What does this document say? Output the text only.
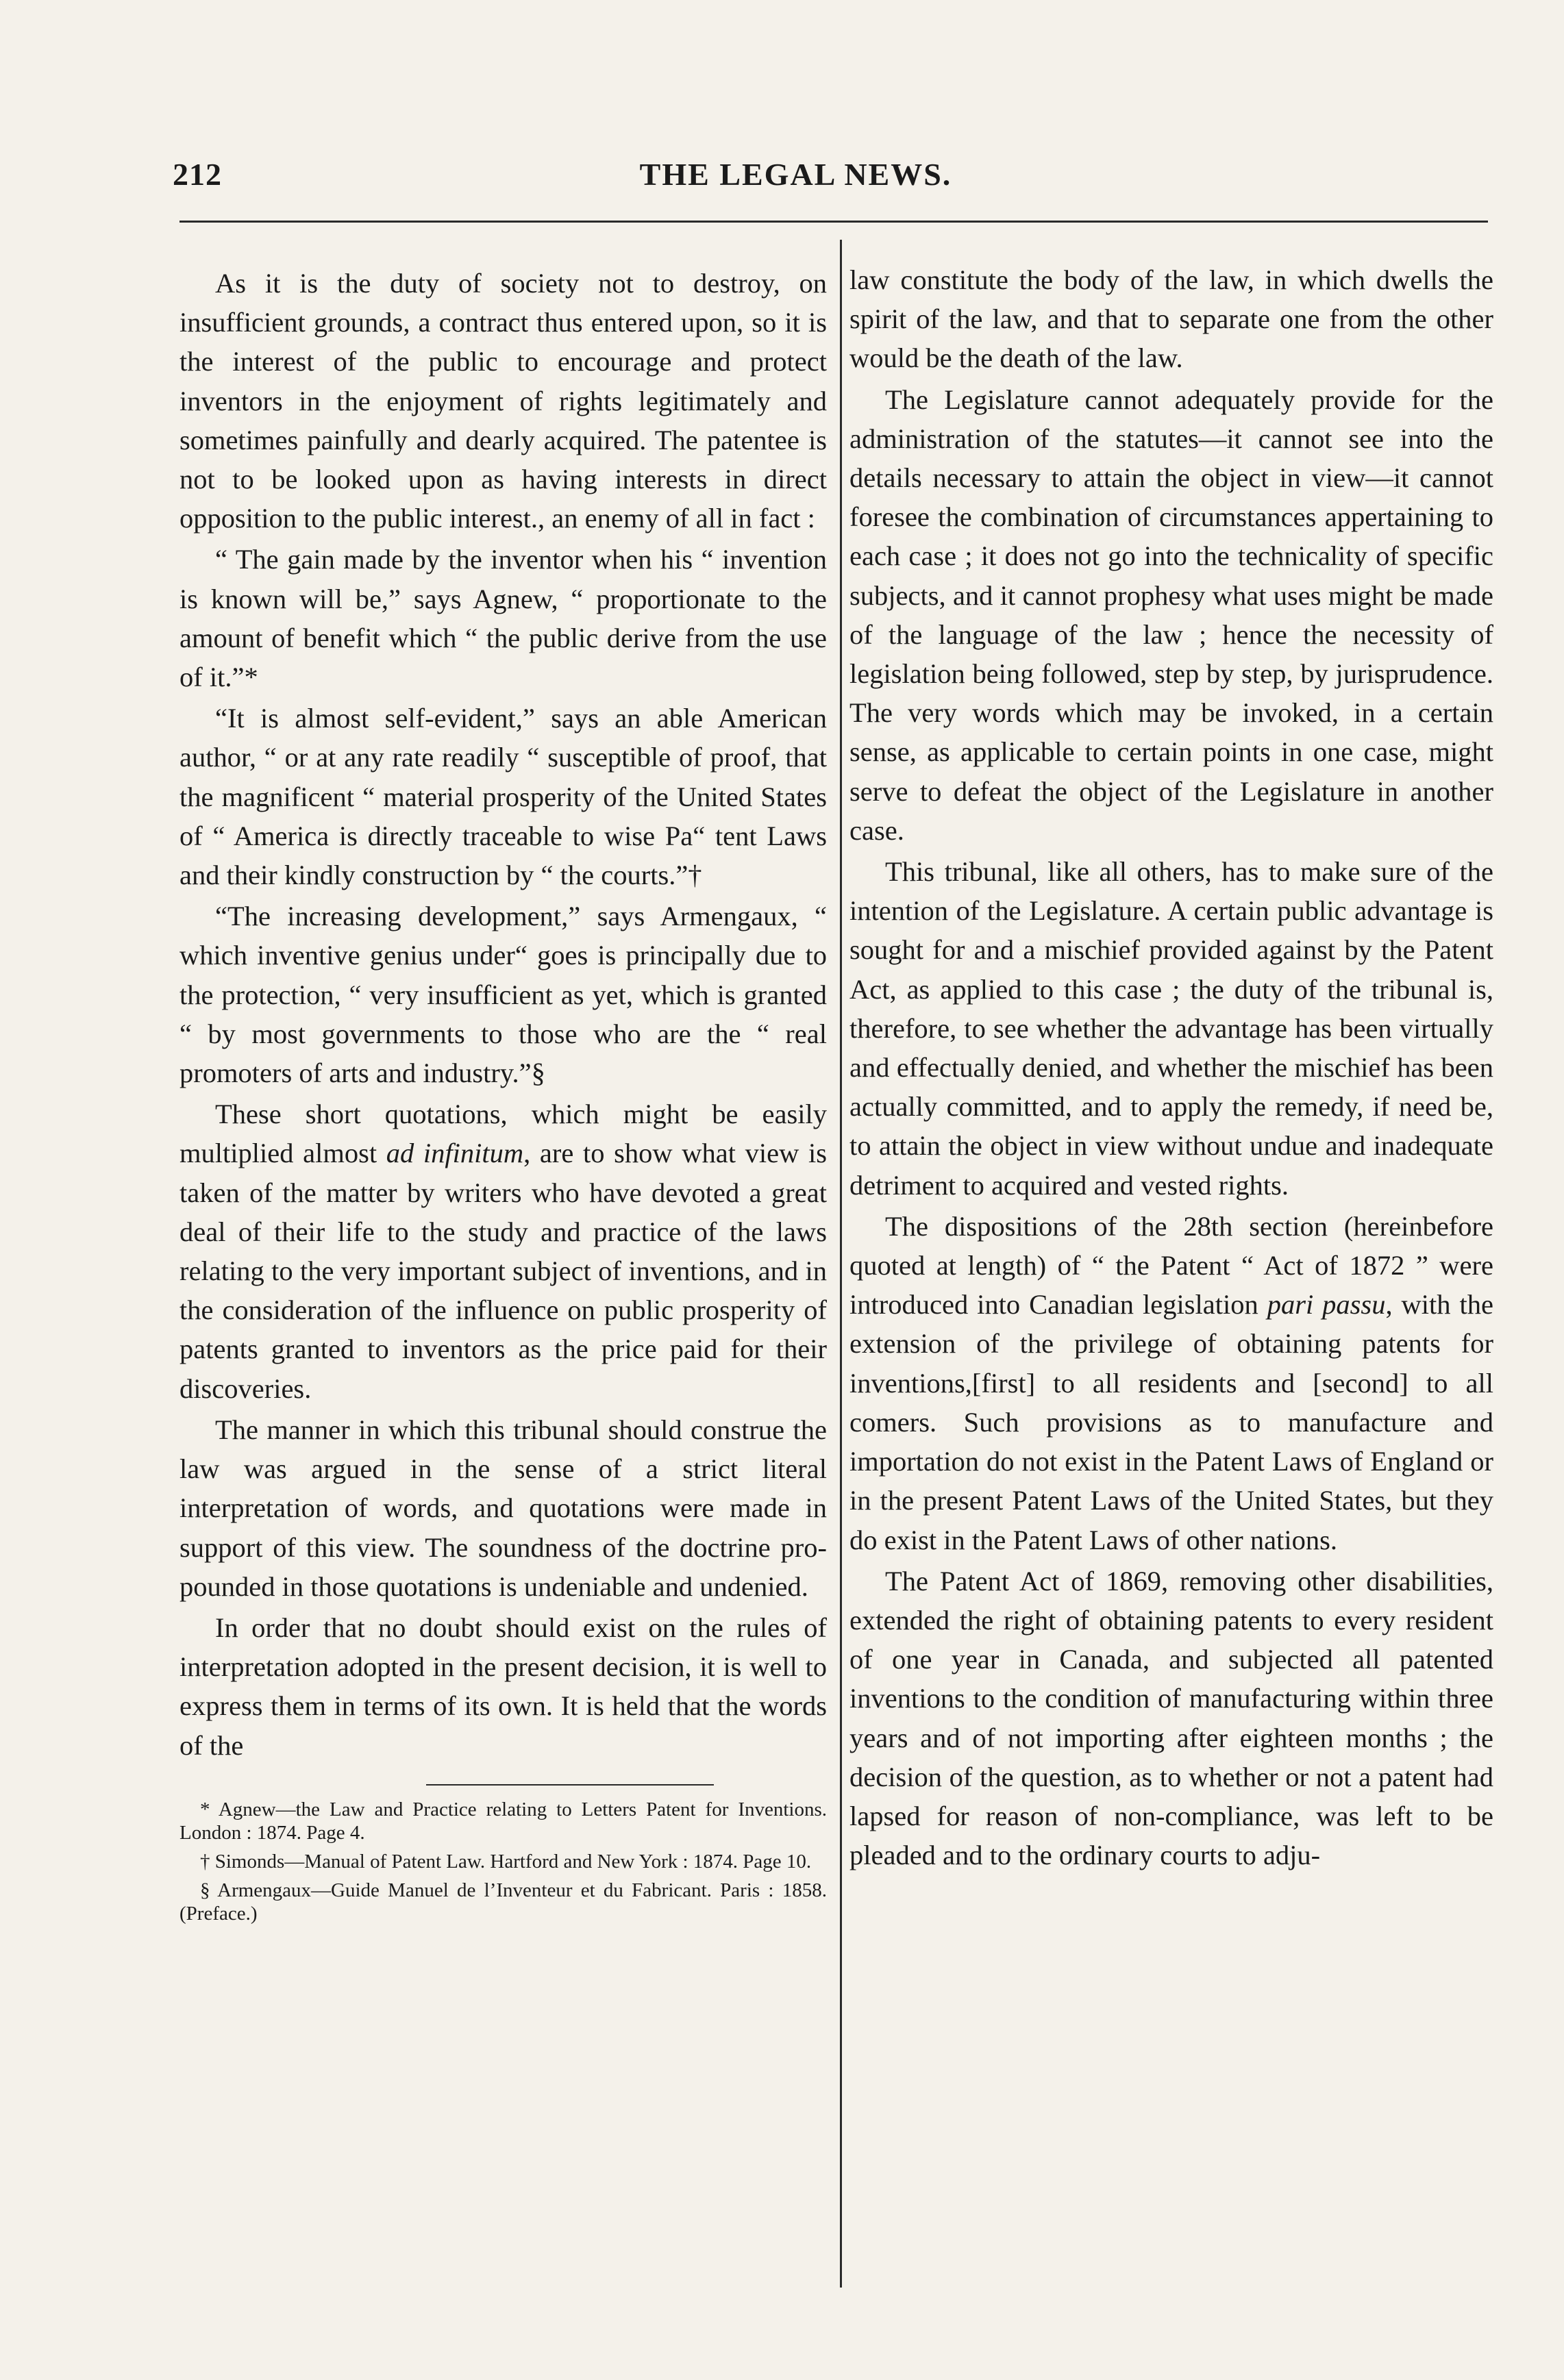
212	THE LEGAL NEWS.

As it is the duty of society not to destroy, on insufficient grounds, a contract thus entered upon, so it is the interest of the public to encourage and protect inventors in the enjoyment of rights legitimately and sometimes painfully and dearly acquired. The patentee is not to be looked upon as having interests in direct opposition to the public interest., an enemy of all in fact :

“ The gain made by the inventor when his “ invention is known will be,” says Agnew, “ proportionate to the amount of benefit which “ the public derive from the use of it.”*

“It is almost self-evident,” says an able American author, “ or at any rate readily “ susceptible of proof, that the magnificent “ material prosperity of the United States of “ America is directly traceable to wise Pa“ tent Laws and their kindly construction by “ the courts.”†

“The increasing development,” says Armengaux, “ which inventive genius under“ goes is principally due to the protection, “ very insufficient as yet, which is granted “ by most governments to those who are the “ real promoters of arts and industry.”§

These short quotations, which might be easily multiplied almost ad infinitum, are to show what view is taken of the matter by writers who have devoted a great deal of their life to the study and practice of the laws relating to the very important subject of inventions, and in the consideration of the influence on public prosperity of patents granted to inventors as the price paid for their discoveries.

The manner in which this tribunal should construe the law was argued in the sense of a strict literal interpretation of words, and quotations were made in support of this view. The soundness of the doctrine propounded in those quotations is undeniable and undenied.

In order that no doubt should exist on the rules of interpretation adopted in the present decision, it is well to express them in terms of its own. It is held that the words of the

* Agnew—the Law and Practice relating to Letters Patent for Inventions. London : 1874. Page 4.

† Simonds—Manual of Patent Law. Hartford and New York : 1874. Page 10.

§ Armengaux—Guide Manuel de l’Inventeur et du Fabricant. Paris : 1858. (Preface.)

law constitute the body of the law, in which dwells the spirit of the law, and that to separate one from the other would be the death of the law.

The Legislature cannot adequately provide for the administration of the statutes—it cannot see into the details necessary to attain the object in view—it cannot foresee the combination of circumstances appertaining to each case ; it does not go into the technicality of specific subjects, and it cannot prophesy what uses might be made of the language of the law ; hence the necessity of legislation being followed, step by step, by jurisprudence. The very words which may be invoked, in a certain sense, as applicable to certain points in one case, might serve to defeat the object of the Legislature in another case.

This tribunal, like all others, has to make sure of the intention of the Legislature. A certain public advantage is sought for and a mischief provided against by the Patent Act, as applied to this case ; the duty of the tribunal is, therefore, to see whether the advantage has been virtually and effectually denied, and whether the mischief has been actually committed, and to apply the remedy, if need be, to attain the object in view without undue and inadequate detriment to acquired and vested rights.

The dispositions of the 28th section (hereinbefore quoted at length) of “ the Patent “ Act of 1872 ” were introduced into Canadian legislation pari passu, with the extension of the privilege of obtaining patents for inventions,[first] to all residents and [second] to all comers. Such provisions as to manufacture and importation do not exist in the Patent Laws of England or in the present Patent Laws of the United States, but they do exist in the Patent Laws of other nations.

The Patent Act of 1869, removing other disabilities, extended the right of obtaining patents to every resident of one year in Canada, and subjected all patented inventions to the condition of manufacturing within three years and of not importing after eighteen months ; the decision of the question, as to whether or not a patent had lapsed for reason of non-compliance, was left to be pleaded and to the ordinary courts to adju-
